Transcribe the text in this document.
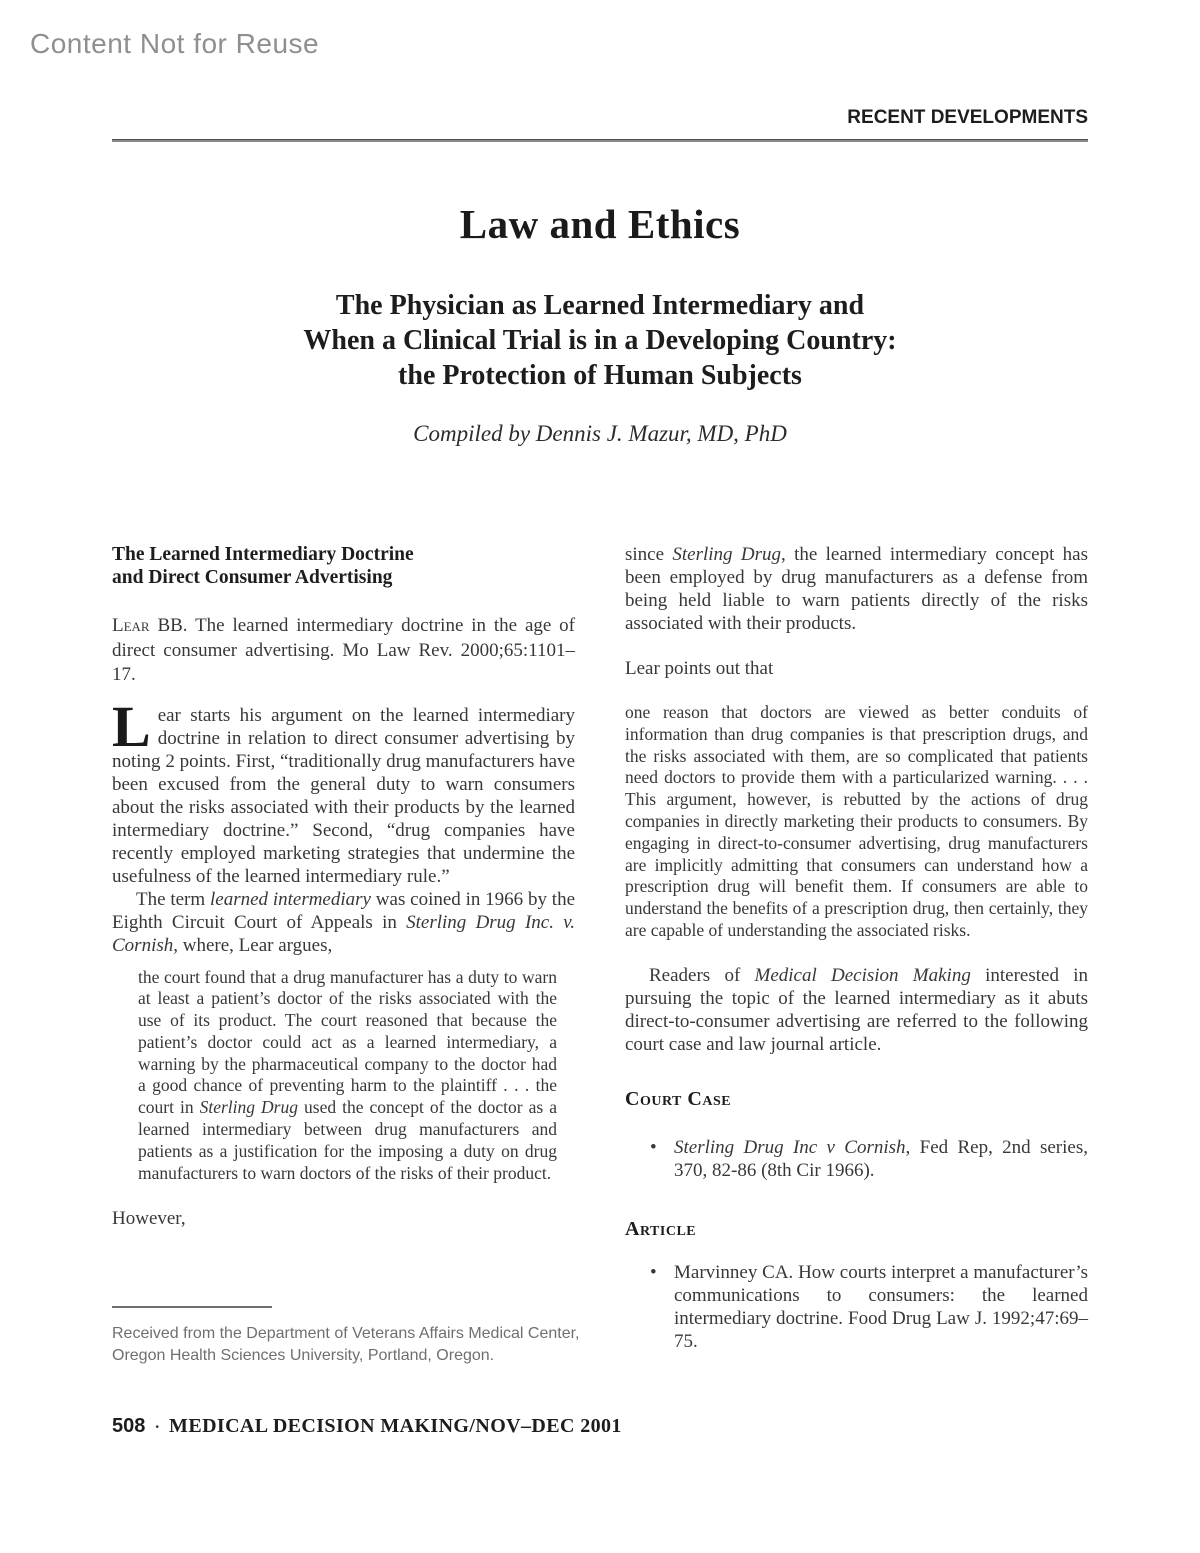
Content Not for Reuse
RECENT DEVELOPMENTS
Law and Ethics
The Physician as Learned Intermediary and
When a Clinical Trial is in a Developing Country:
the Protection of Human Subjects
Compiled by Dennis J. Mazur, MD, PhD
The Learned Intermediary Doctrine
and Direct Consumer Advertising

Lear BB. The learned intermediary doctrine in the age of direct consumer advertising. Mo Law Rev. 2000;65:1101–17.

Lear starts his argument on the learned intermediary doctrine in relation to direct consumer advertising by noting 2 points. First, “traditionally drug manufacturers have been excused from the general duty to warn consumers about the risks associated with their products by the learned intermediary doctrine.” Second, “drug companies have recently employed marketing strategies that undermine the usefulness of the learned intermediary rule.”

The term learned intermediary was coined in 1966 by the Eighth Circuit Court of Appeals in Sterling Drug Inc. v. Cornish, where, Lear argues,

the court found that a drug manufacturer has a duty to warn at least a patient’s doctor of the risks associated with the use of its product. The court reasoned that because the patient’s doctor could act as a learned intermediary, a warning by the pharmaceutical company to the doctor had a good chance of preventing harm to the plaintiff . . . the court in Sterling Drug used the concept of the doctor as a learned intermediary between drug manufacturers and patients as a justification for the imposing a duty on drug manufacturers to warn doctors of the risks of their product.

However,

since Sterling Drug, the learned intermediary concept has been employed by drug manufacturers as a defense from being held liable to warn patients directly of the risks associated with their products.

Lear points out that

one reason that doctors are viewed as better conduits of information than drug companies is that prescription drugs, and the risks associated with them, are so complicated that patients need doctors to provide them with a particularized warning. . . . This argument, however, is rebutted by the actions of drug companies in directly marketing their products to consumers. By engaging in direct-to-consumer advertising, drug manufacturers are implicitly admitting that consumers can understand how a prescription drug will benefit them. If consumers are able to understand the benefits of a prescription drug, then certainly, they are capable of understanding the associated risks.

Readers of Medical Decision Making interested in pursuing the topic of the learned intermediary as it abuts direct-to-consumer advertising are referred to the following court case and law journal article.

Court Case
• Sterling Drug Inc v Cornish, Fed Rep, 2nd series, 370, 82-86 (8th Cir 1966).
Article
• Marvinney CA. How courts interpret a manufacturer’s communications to consumers: the learned intermediary doctrine. Food Drug Law J. 1992;47:69–75.
Received from the Department of Veterans Affairs Medical Center, Oregon Health Sciences University, Portland, Oregon.
508 · MEDICAL DECISION MAKING/NOV–DEC 2001
